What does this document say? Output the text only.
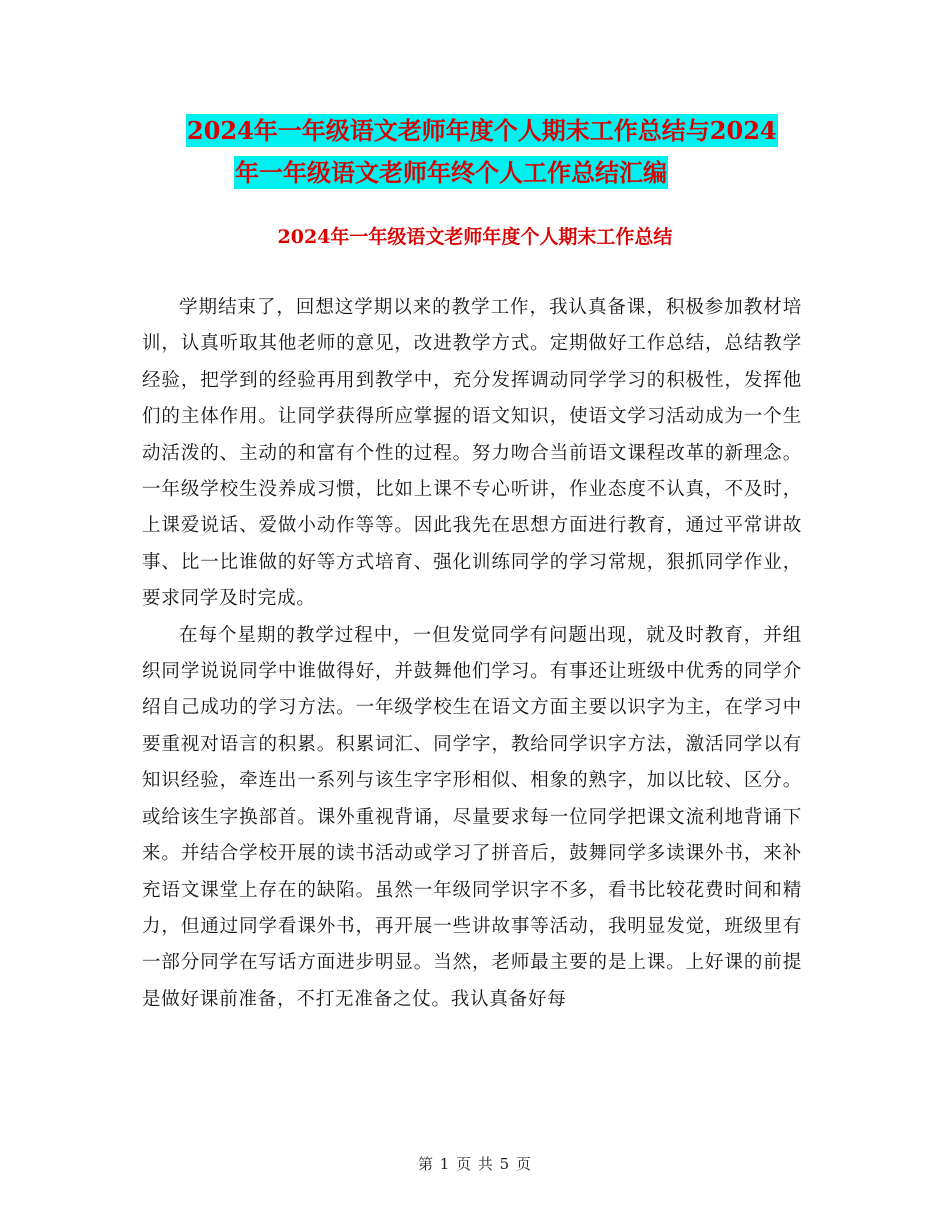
2024年一年级语文老师年度个人期末工作总结与2024
年一年级语文老师年终个人工作总结汇编
2024年一年级语文老师年度个人期末工作总结

学期结束了，回想这学期以来的教学工作，我认真备课，积极参加教材培训，认真听取其他老师的意见，改进教学方式。定期做好工作总结，总结教学经验，把学到的经验再用到教学中，充分发挥调动同学学习的积极性，发挥他们的主体作用。让同学获得所应掌握的语文知识，使语文学习活动成为一个生动活泼的、主动的和富有个性的过程。努力吻合当前语文课程改革的新理念。一年级学校生没养成习惯，比如上课不专心听讲，作业态度不认真，不及时，上课爱说话、爱做小动作等等。因此我先在思想方面进行教育，通过平常讲故事、比一比谁做的好等方式培育、强化训练同学的学习常规，狠抓同学作业，要求同学及时完成。

在每个星期的教学过程中，一但发觉同学有问题出现，就及时教育，并组织同学说说同学中谁做得好，并鼓舞他们学习。有事还让班级中优秀的同学介绍自己成功的学习方法。一年级学校生在语文方面主要以识字为主，在学习中要重视对语言的积累。积累词汇、同学字，教给同学识字方法，激活同学以有知识经验，牵连出一系列与该生字字形相似、相象的熟字，加以比较、区分。或给该生字换部首。课外重视背诵，尽量要求每一位同学把课文流利地背诵下来。并结合学校开展的读书活动或学习了拼音后，鼓舞同学多读课外书，来补充语文课堂上存在的缺陷。虽然一年级同学识字不多，看书比较花费时间和精力，但通过同学看课外书，再开展一些讲故事等活动，我明显发觉，班级里有一部分同学在写话方面进步明显。当然，老师最主要的是上课。上好课的前提是做好课前准备，不打无准备之仗。我认真备好每

第 1 页 共 5 页
